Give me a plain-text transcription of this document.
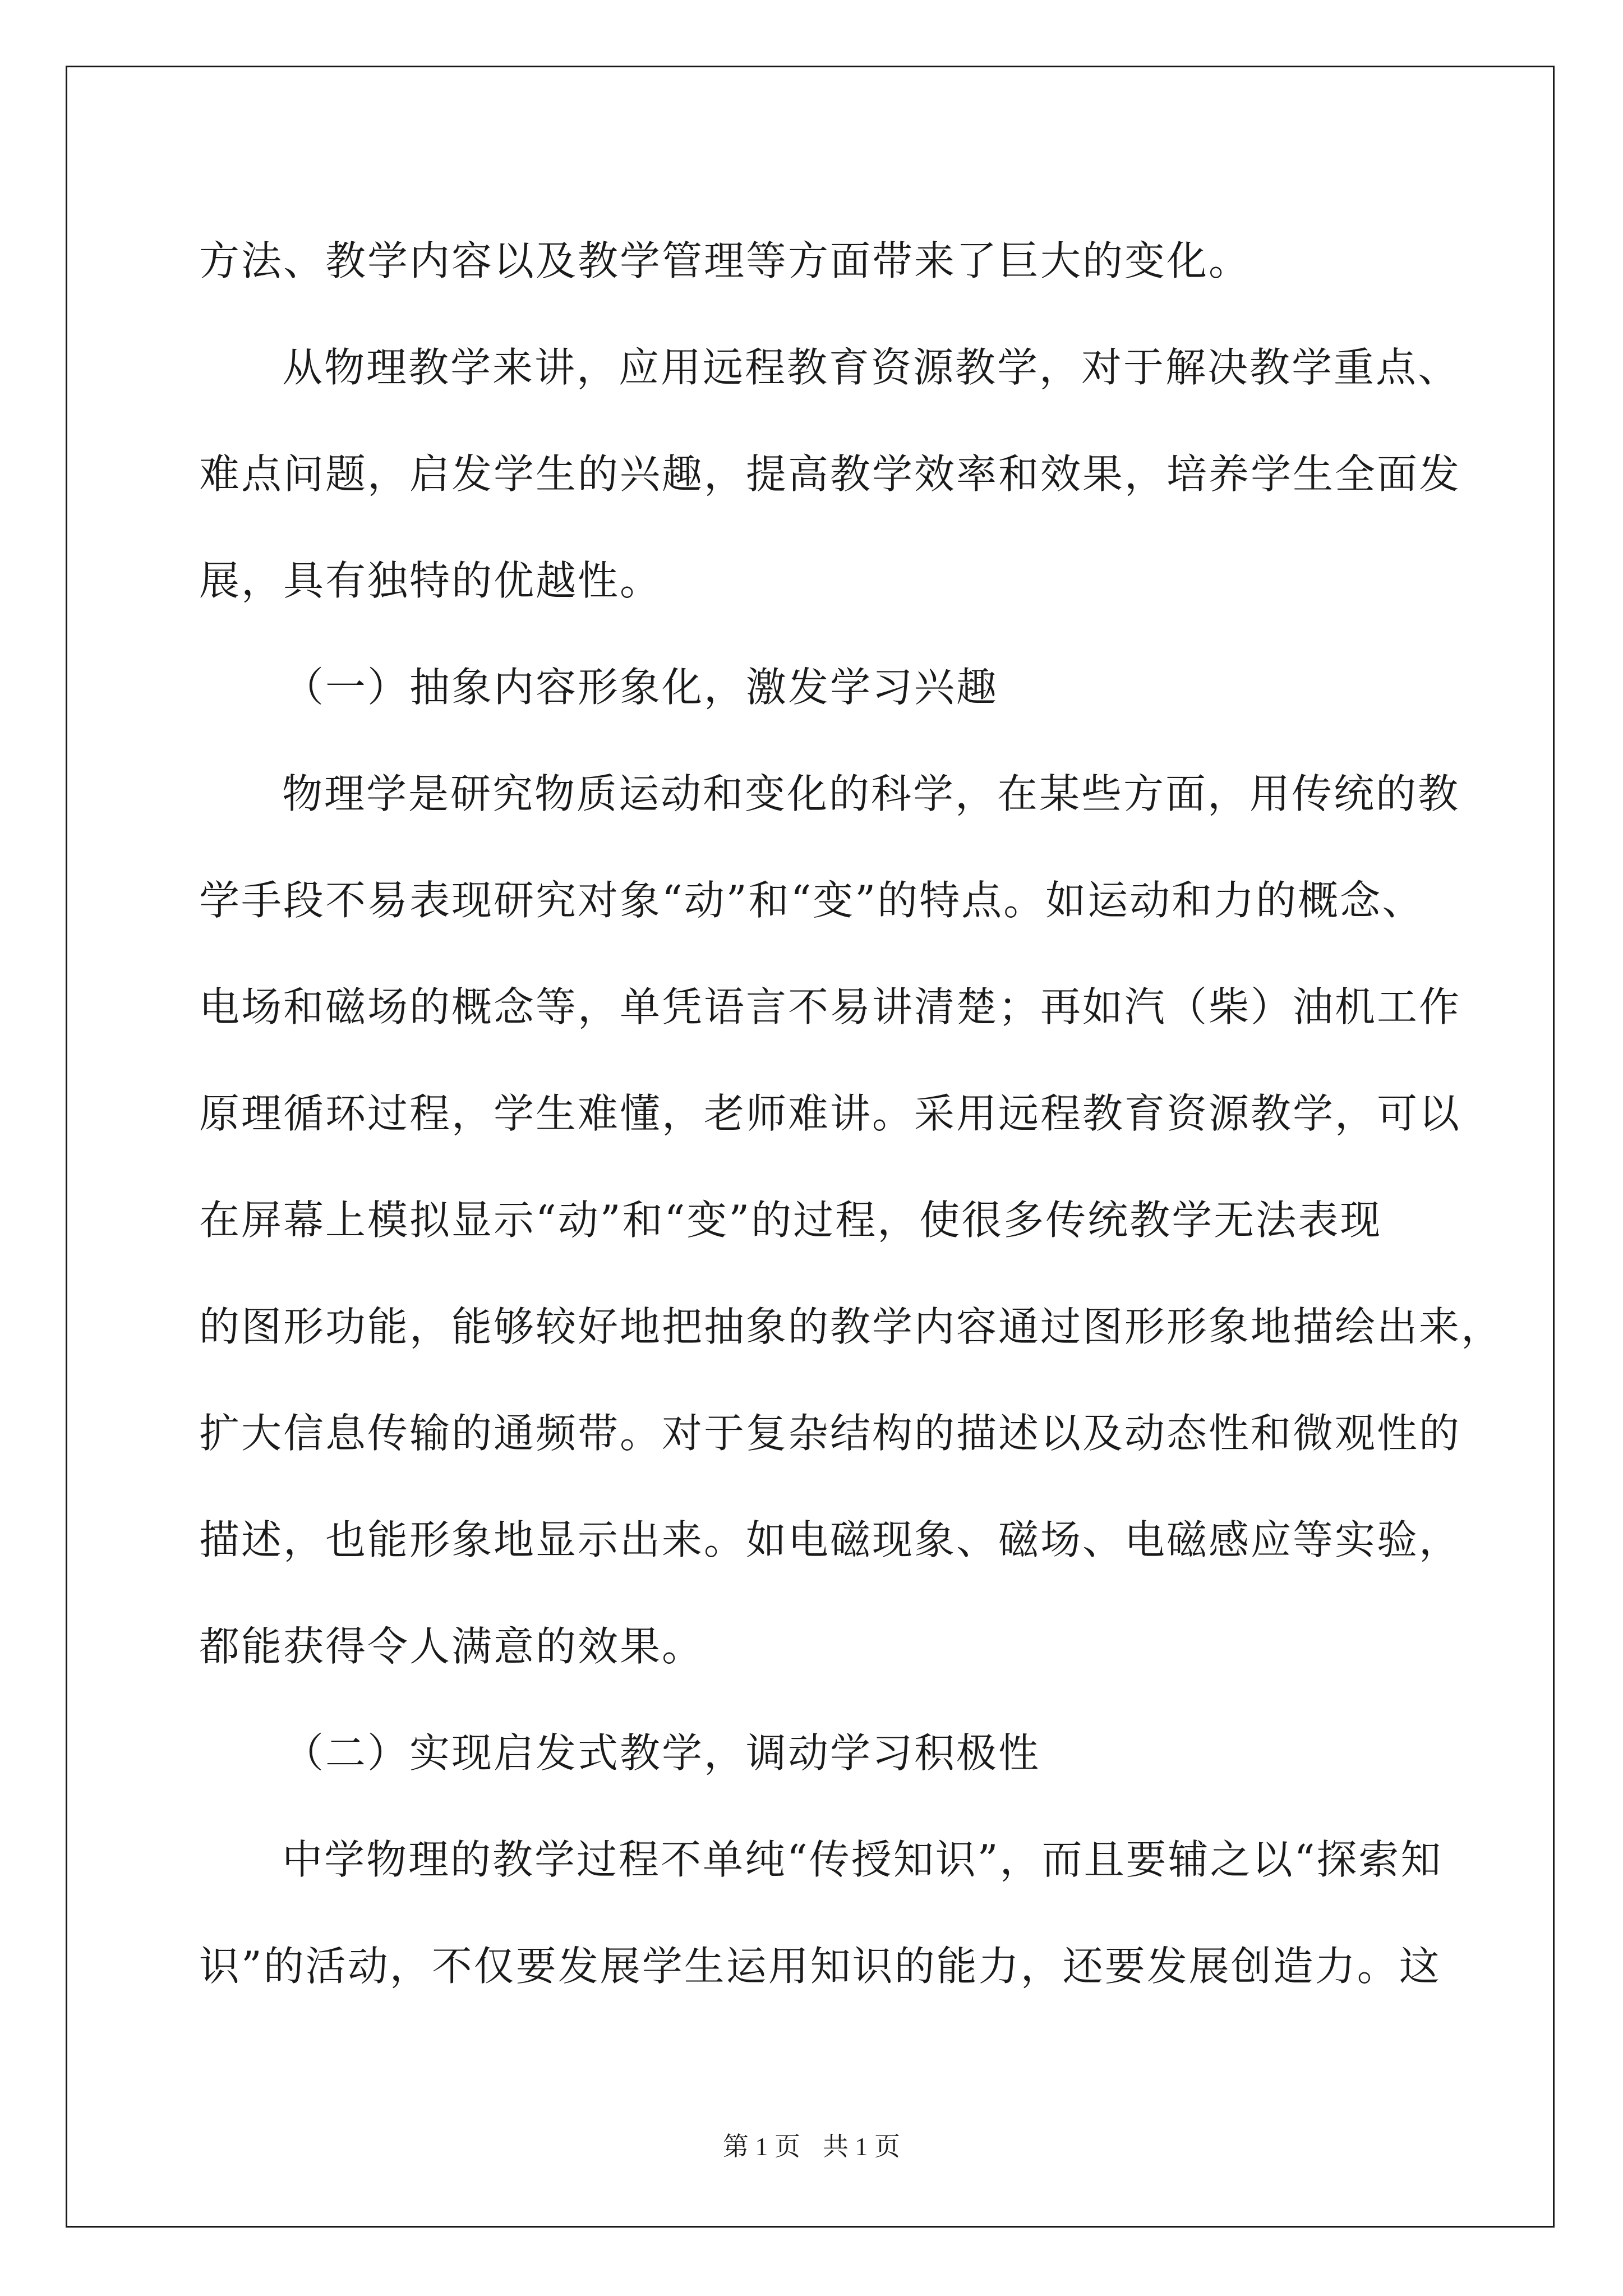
方法、教学内容以及教学管理等方面带来了巨大的变化。
从物理教学来讲，应用远程教育资源教学，对于解决教学重点、
难点问题，启发学生的兴趣，提高教学效率和效果，培养学生全面发
展，具有独特的优越性。
（一）抽象内容形象化，激发学习兴趣
物理学是研究物质运动和变化的科学，在某些方面，用传统的教
学手段不易表现研究对象“动”和“变”的特点。如运动和力的概念、
电场和磁场的概念等，单凭语言不易讲清楚；再如汽（柴）油机工作
原理循环过程，学生难懂，老师难讲。采用远程教育资源教学，可以
在屏幕上模拟显示“动”和“变”的过程，使很多传统教学无法表现
的图形功能，能够较好地把抽象的教学内容通过图形形象地描绘出来，
扩大信息传输的通频带。对于复杂结构的描述以及动态性和微观性的
描述，也能形象地显示出来。如电磁现象、磁场、电磁感应等实验，
都能获得令人满意的效果。
（二）实现启发式教学，调动学习积极性
中学物理的教学过程不单纯“传授知识”，而且要辅之以“探索知
识”的活动，不仅要发展学生运用知识的能力，还要发展创造力。这
第 1 页 共 1 页
